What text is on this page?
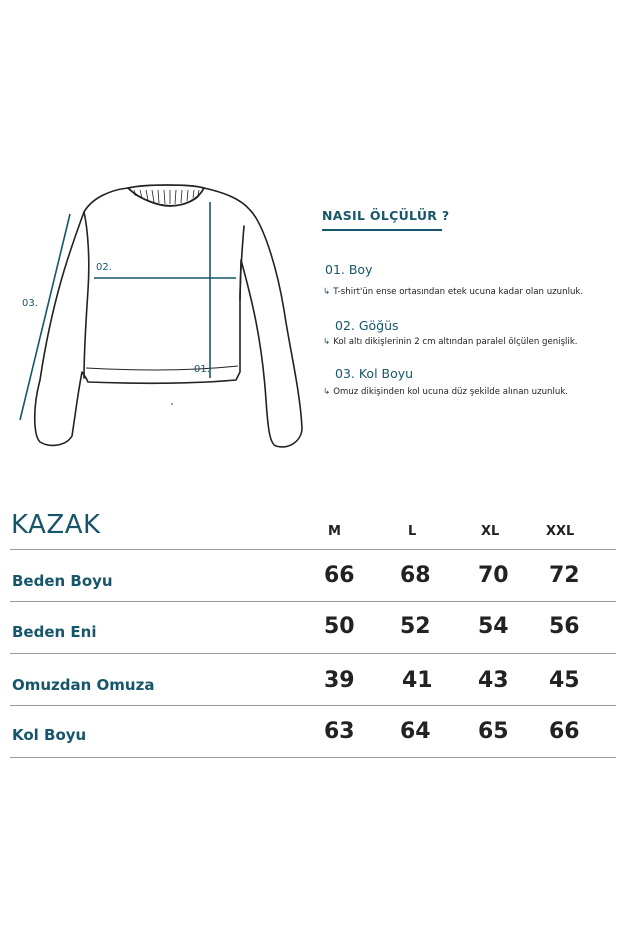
02.
01.
03.
NASIL ÖLÇÜLÜR ?
01. Boy
↳ T-shirt'ün ense ortasından etek ucuna kadar olan uzunluk.
02. Göğüs
↳ Kol altı dikişlerinin 2 cm altından paralel ölçülen genişlik.
03. Kol Boyu
↳ Omuz dikişinden kol ucuna düz şekilde alınan uzunluk.
KAZAK	M	L	XL	XXL
Beden Boyu	66 68 70 72
Beden Eni	50 52 54 56
Omuzdan Omuza	39 41 43 45
Kol Boyu	63 64 65 66
